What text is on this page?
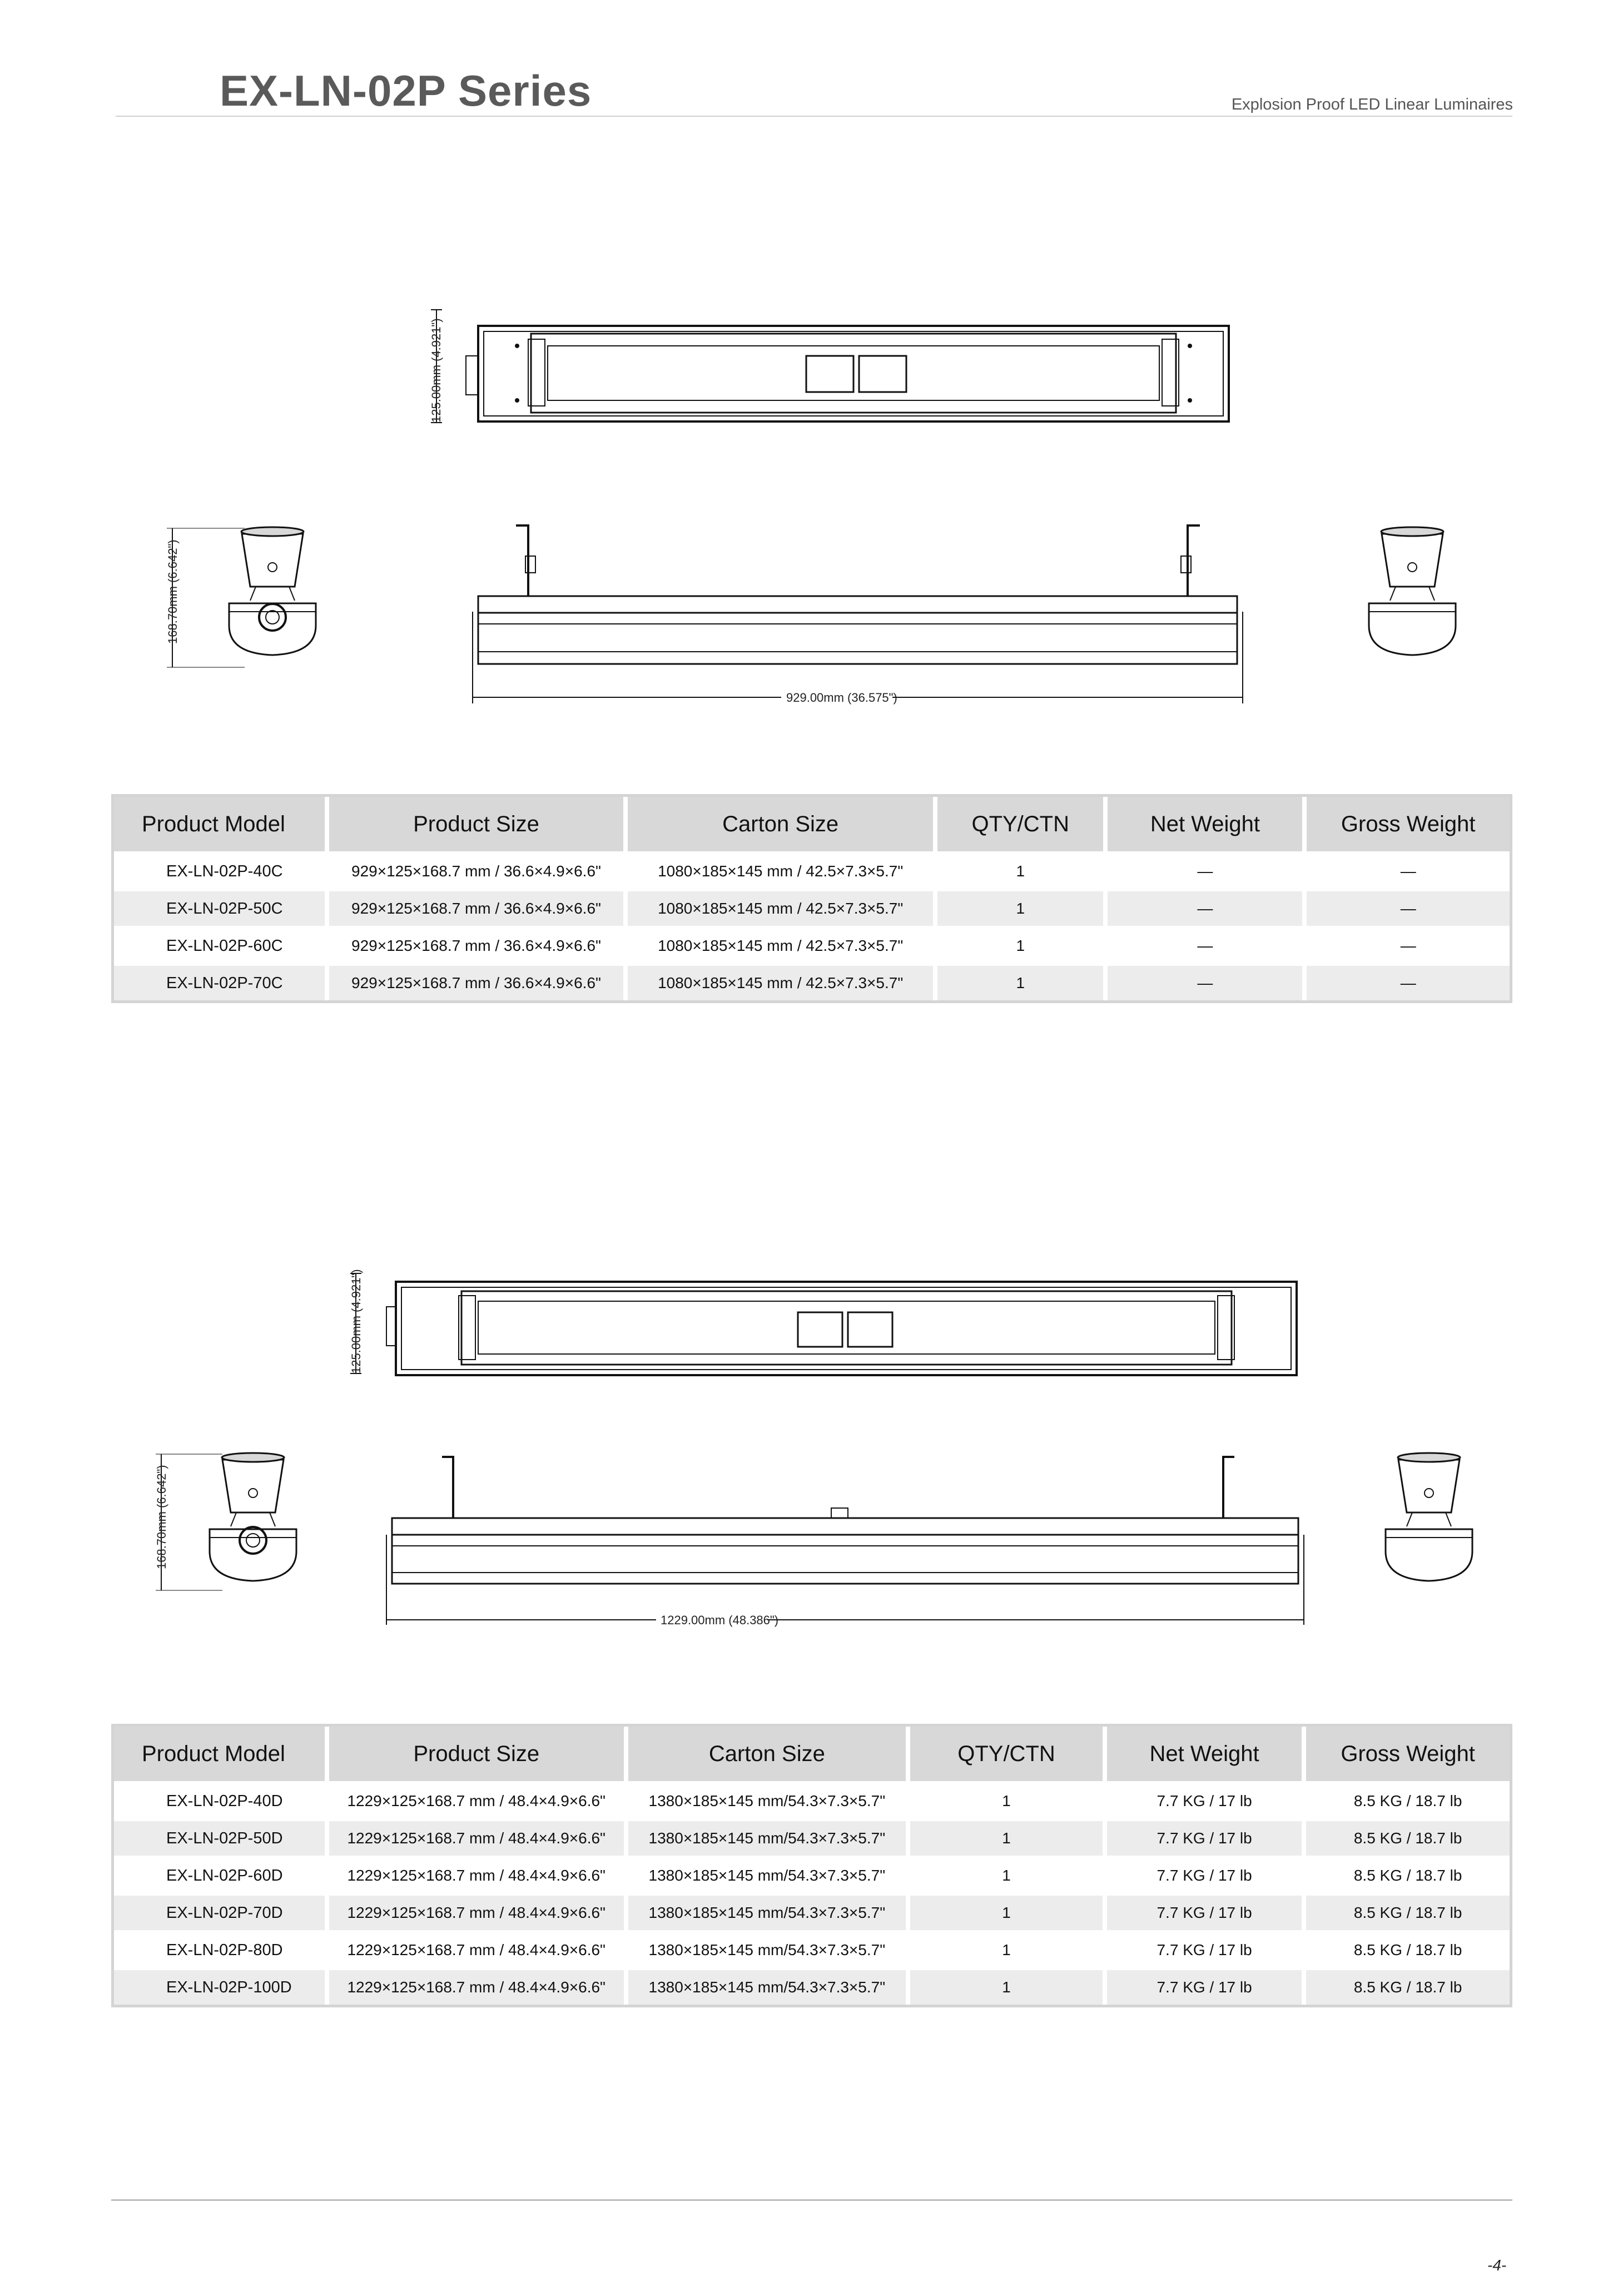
EX-LN-02P Series	Explosion Proof LED Linear Luminaires
125.00mm (4.921")
929.00mm (36.575")
168.70mm (6.642")
125.00mm (4.921")
1229.00mm (48.386")
168.70mm (6.642")
Product Model	Product Size	Carton Size	QTY/CTN	Net Weight	Gross Weight
EX-LN-02P-40C	929×125×168.7 mm / 36.6×4.9×6.6"	1080×185×145 mm / 42.5×7.3×5.7"	1	—	—
EX-LN-02P-50C	929×125×168.7 mm / 36.6×4.9×6.6"	1080×185×145 mm / 42.5×7.3×5.7"	1	—	—
EX-LN-02P-60C	929×125×168.7 mm / 36.6×4.9×6.6"	1080×185×145 mm / 42.5×7.3×5.7"	1	—	—
EX-LN-02P-70C	929×125×168.7 mm / 36.6×4.9×6.6"	1080×185×145 mm / 42.5×7.3×5.7"	1	—	—
Product Model	Product Size	Carton Size	QTY/CTN	Net Weight	Gross Weight
EX-LN-02P-40D	1229×125×168.7 mm / 48.4×4.9×6.6"	1380×185×145 mm/54.3×7.3×5.7"	1	7.7 KG / 17 lb	8.5 KG / 18.7 lb
EX-LN-02P-50D	1229×125×168.7 mm / 48.4×4.9×6.6"	1380×185×145 mm/54.3×7.3×5.7"	1	7.7 KG / 17 lb	8.5 KG / 18.7 lb
EX-LN-02P-60D	1229×125×168.7 mm / 48.4×4.9×6.6"	1380×185×145 mm/54.3×7.3×5.7"	1	7.7 KG / 17 lb	8.5 KG / 18.7 lb
EX-LN-02P-70D	1229×125×168.7 mm / 48.4×4.9×6.6"	1380×185×145 mm/54.3×7.3×5.7"	1	7.7 KG / 17 lb	8.5 KG / 18.7 lb
EX-LN-02P-80D	1229×125×168.7 mm / 48.4×4.9×6.6"	1380×185×145 mm/54.3×7.3×5.7"	1	7.7 KG / 17 lb	8.5 KG / 18.7 lb
EX-LN-02P-100D	1229×125×168.7 mm / 48.4×4.9×6.6"	1380×185×145 mm/54.3×7.3×5.7"	1	7.7 KG / 17 lb	8.5 KG / 18.7 lb
-4-
